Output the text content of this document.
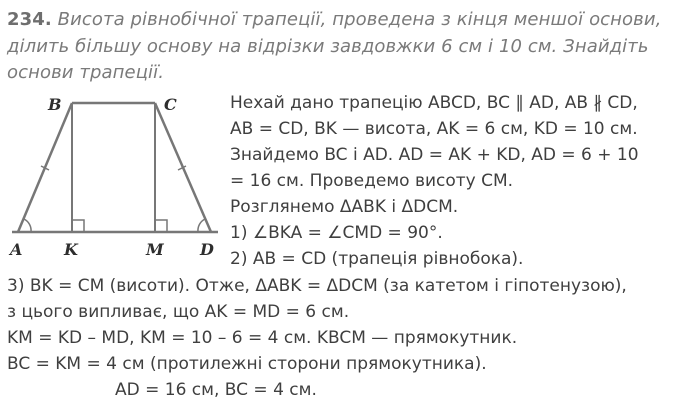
234. Висота рівнобічної трапеції, проведена з кінця меншої основи,
ділить більшу основу на відрізки завдовжки 6 см і 10 см. Знайдіть
основи трапеції.
B	C
A	K	M D
Нехай дано трапецію ABCD, BC ∥ AD, AB ∦ CD,
AB = CD, BK — висота, AK = 6 см, KD = 10 см.
Знайдемо BC і AD. AD = AK + KD, AD = 6 + 10
= 16 см. Проведемо висоту CM.
Розглянемо ΔABK і ΔDCM.
1) ∠BKA = ∠CMD = 90°.
2) AB = CD (трапеція рівнобока).
3) BK = CM (висоти). Отже, ΔABK = ΔDCM (за катетом і гіпотенузою),
з цього випливає, що AK = MD = 6 см.
KM = KD – MD, KM = 10 – 6 = 4 см. KBCM — прямокутник.
BC = KM = 4 см (протилежні сторони прямокутника).
AD = 16 см, BC = 4 см.
